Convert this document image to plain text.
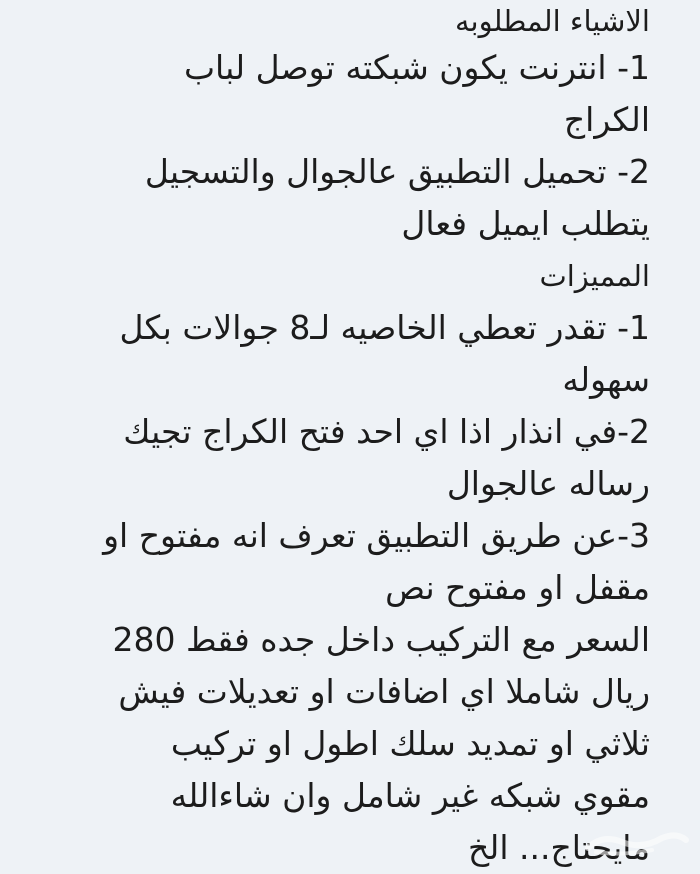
الاشياء المطلوبه
1- انترنت يكون شبكته توصل لباب
الكراج
2- تحميل التطبيق عالجوال والتسجيل
يتطلب ايميل فعال
المميزات
1- تقدر تعطي الخاصيه لـ8 جوالات بكل
سهوله
2-في انذار اذا اي احد فتح الكراج تجيك
رساله عالجوال
3-عن طريق التطبيق تعرف انه مفتوح او
مقفل او مفتوح نص
السعر مع التركيب داخل جده فقط 280
ريال شاملا اي اضافات او تعديلات فيش
ثلاثي او تمديد سلك اطول او تركيب
مقوي شبكه غير شامل وان شاءالله
مايحتاج... الخ
